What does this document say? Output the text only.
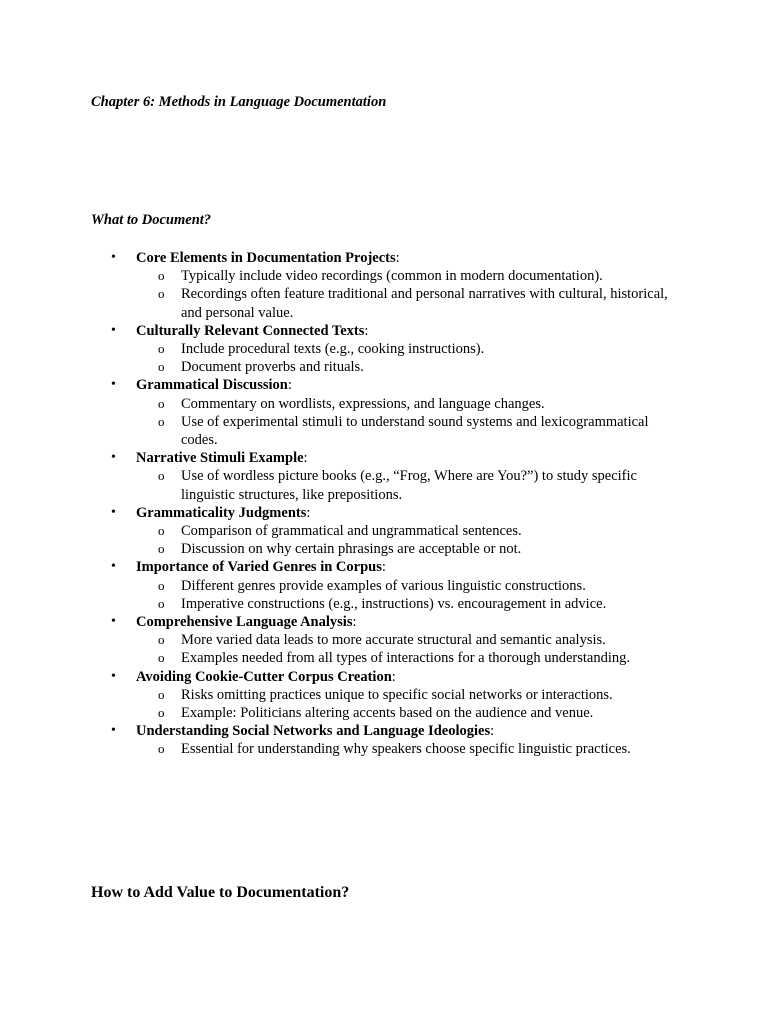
Chapter 6: Methods in Language Documentation
What to Document?
• Core Elements in Documentation Projects:
o Typically include video recordings (common in modern documentation).
o Recordings often feature traditional and personal narratives with cultural, historical, and personal value.
• Culturally Relevant Connected Texts:
o Include procedural texts (e.g., cooking instructions).
o Document proverbs and rituals.
• Grammatical Discussion:
o Commentary on wordlists, expressions, and language changes.
o Use of experimental stimuli to understand sound systems and lexicogrammatical codes.
• Narrative Stimuli Example:
o Use of wordless picture books (e.g., “Frog, Where are You?”) to study specific linguistic structures, like prepositions.
• Grammaticality Judgments:
o Comparison of grammatical and ungrammatical sentences.
o Discussion on why certain phrasings are acceptable or not.
• Importance of Varied Genres in Corpus:
o Different genres provide examples of various linguistic constructions.
o Imperative constructions (e.g., instructions) vs. encouragement in advice.
• Comprehensive Language Analysis:
o More varied data leads to more accurate structural and semantic analysis.
o Examples needed from all types of interactions for a thorough understanding.
• Avoiding Cookie-Cutter Corpus Creation:
o Risks omitting practices unique to specific social networks or interactions.
o Example: Politicians altering accents based on the audience and venue.
• Understanding Social Networks and Language Ideologies:
o Essential for understanding why speakers choose specific linguistic practices.
How to Add Value to Documentation?
